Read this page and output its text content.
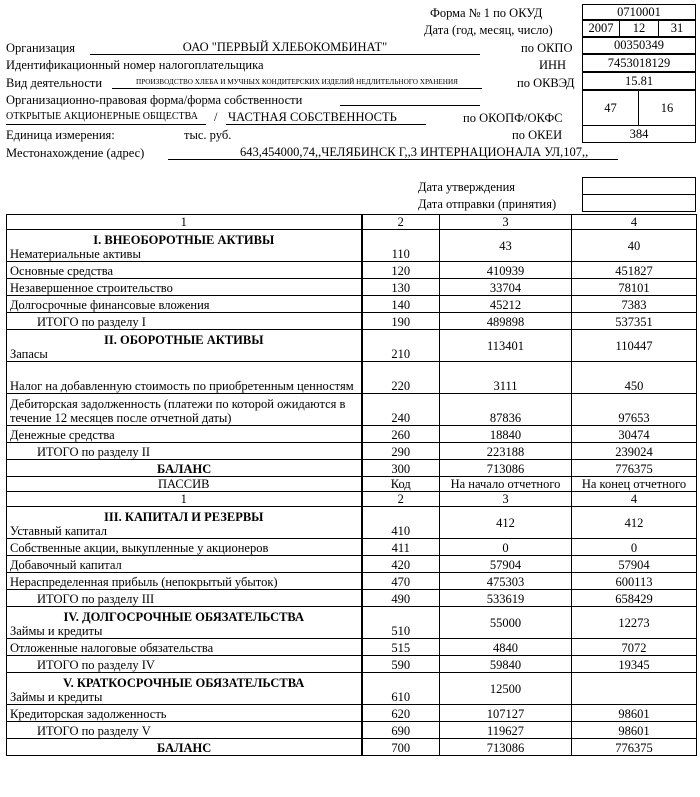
Форма № 1 по ОКУД	0710001
Дата (год, месяц, число)	2007	12	31
Организация	ОАО "ПЕРВЫЙ ХЛЕБОКОМБИНАТ"	по ОКПО	00350349
Идентификационный номер налогоплательщика	ИНН	7453018129
Вид деятельности	ПРОИЗВОДСТВО ХЛЕБА И МУЧНЫХ КОНДИТЕРСКИХ ИЗДЕЛИЙ НЕДЛИТЕЛЬНОГО ХРАНЕНИЯ	по ОКВЭД	15.81
Организационно-правовая форма/форма собственности
ОТКРЫТЫЕ АКЦИОНЕРНЫЕ ОБЩЕСТВА / ЧАСТНАЯ СОБСТВЕННОСТЬ	по ОКОПФ/ОКФС
47	16
Единица измерения:	тыс. руб.	по ОКЕИ	384
Местонахождение (адрес)	643,454000,74,,ЧЕЛЯБИНСК Г,,3 ИНТЕРНАЦИОНАЛА УЛ,107,,
Дата утверждения
Дата отправки (принятия)
1	2	3	4

I. ВНЕОБОРОТНЫЕ АКТИВЫ
Нематериальные активы	110	43	40
Основные средства	120	410939	451827
Незавершенное строительство	130	33704	78101
Долгосрочные финансовые вложения	140	45212	7383
ИТОГО по разделу I	190	489898	537351

II. ОБОРОТНЫЕ АКТИВЫ
Запасы	210	113401	110447
Налог на добавленную стоимость по приобретенным ценностям	220	3111	450
Дебиторская задолженность (платежи по которой ожидаются в течение 12 месяцев после отчетной даты)	240	87836	97653
Денежные средства	260	18840	30474
ИТОГО по разделу II	290	223188	239024
БАЛАНС	300	713086	776375
ПАССИВ	Код	На начало отчетного	На конец отчетного
1	2	3	4

III. КАПИТАЛ И РЕЗЕРВЫ
Уставный капитал	410	412	412
Собственные акции, выкупленные у акционеров	411	0	0
Добавочный капитал	420	57904	57904
Нераспределенная прибыль (непокрытый убыток)	470	475303	600113
ИТОГО по разделу III	490	533619	658429

IV. ДОЛГОСРОЧНЫЕ ОБЯЗАТЕЛЬСТВА
Займы и кредиты	510	55000	12273
Отложенные налоговые обязательства	515	4840	7072
ИТОГО по разделу IV	590	59840	19345

V. КРАТКОСРОЧНЫЕ ОБЯЗАТЕЛЬСТВА
Займы и кредиты	610	12500	
Кредиторская задолженность	620	107127	98601
ИТОГО по разделу V	690	119627	98601
БАЛАНС	700	713086	776375
